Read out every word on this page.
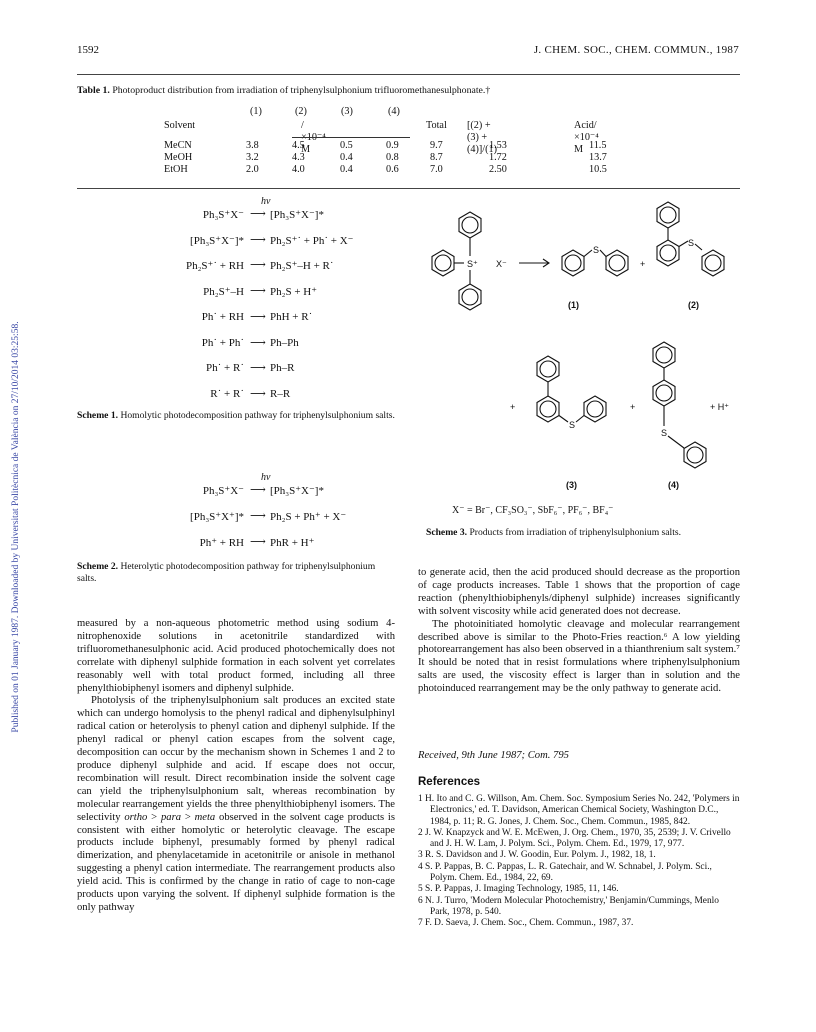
Published on 01 January 1987. Downloaded by Universitat Politècnica de València on 27/10/2014 03:25:58.
1592	J. CHEM. SOC., CHEM. COMMUN., 1987
Table 1. Photoproduct distribution from irradiation of triphenylsulphonium trifluoromethanesulphonate.†
(1)	(2)	(3)	(4)
Solvent	/×10⁻⁴ M
Total [(2) + (3) + (4)]/(1)
Acid/×10⁻⁴ M
MeCN	3.8	4.5	0.5	0.9	9.7	1.53	11.5
MeOH	3.2	4.3	0.4	0.8	8.7	1.72	13.7
EtOH	2.0	4.0	0.4	0.6	7.0	2.50	10.5
Ph₃S⁺X⁻ ⟶
hν
[Ph₃S⁺X⁻]*
[Ph₃S⁺X⁻]* ⟶ Ph₂S⁺˙ + Ph˙ + X⁻
Ph₂S⁺˙ + RH ⟶ Ph₂S⁺–H + R˙
Ph₂S⁺–H ⟶ Ph₂S + H⁺
Ph˙ + RH ⟶ PhH + R˙
Ph˙ + Ph˙ ⟶ Ph–Ph
Ph˙ + R˙ ⟶ Ph–R
R˙ + R˙ ⟶ R–R
Scheme 1. Homolytic photodecomposition pathway for triphenylsulphonium salts.
Ph₃S⁺X⁻ ⟶
hν
[Ph₃S⁺X⁻]*
[Ph₃S⁺X⁺]* ⟶ Ph₂S + Ph⁺ + X⁻
Ph⁺ + RH ⟶ PhR + H⁺
Scheme 2. Heterolytic photodecomposition pathway for triphenylsulphonium salts.
S⁺ X⁻
S
+
S
(1)	(2)
+
S
+
S
+ H⁺
(3)	(4)
X⁻ = Br⁻, CF₃SO₃⁻, SbF₆⁻, PF₆⁻, BF₄⁻
Scheme 3. Products from irradiation of triphenylsulphonium salts.

measured by a non-aqueous photometric method using sodium 4-nitrophenoxide solutions in acetonitrile standardized with trifluoromethanesulphonic acid. Acid produced photochemically does not correlate with diphenyl sulphide formation in each solvent yet correlates reasonably well with total product formed, including all three phenylthiobiphenyl isomers and diphenyl sulphide.

Photolysis of the triphenylsulphonium salt produces an excited state which can undergo homolysis to the phenyl radical and diphenylsulphinyl radical cation or heterolysis to phenyl cation and diphenyl sulphide. If the phenyl radical or phenyl cation escapes from the solvent cage, decomposition can occur by the mechanism shown in Schemes 1 and 2 to produce diphenyl sulphide and acid. If escape does not occur, recombination will result. Direct recombination inside the solvent cage can yield the triphenylsulphonium salt, whereas recombination by molecular rearrangement yields the three phenylthiobiphenyl isomers. The selectivity ortho > para > meta observed in the solvent cage products is consistent with either homolytic or heterolytic cleavage. The escape products include biphenyl, presumably formed by phenyl radical dimerization, and phenylacetamide in acetonitrile or anisole in methanol suggesting a phenyl cation intermediate. The rearrangement products also yield acid. This is confirmed by the change in ratio of cage to non-cage products upon varying the solvent. If diphenyl sulphide formation is the only pathway

to generate acid, then the acid produced should decrease as the proportion of cage products increases. Table 1 shows that the proportion of cage reaction (phenylthiobiphenyls/diphenyl sulphide) increases significantly with solvent viscosity while acid generated does not decrease.

The photoinitiated homolytic cleavage and molecular rearrangement described above is similar to the Photo-Fries reaction.⁶ A low yielding photorearrangement has also been observed in a thianthrenium salt system.⁷ It should be noted that in resist formulations where triphenylsulphonium salts are used, the viscosity effect is larger than in solution and the photoinduced rearrangement may be the only pathway to generate acid.

Received, 9th June 1987; Com. 795
References

1 H. Ito and C. G. Willson, Am. Chem. Soc. Symposium Series No. 242, 'Polymers in Electronics,' ed. T. Davidson, American Chemical Society, Washington D.C., 1984, p. 11; R. G. Jones, J. Chem. Soc., Chem. Commun., 1985, 842.

2 J. W. Knapzyck and W. E. McEwen, J. Org. Chem., 1970, 35, 2539; J. V. Crivello and J. H. W. Lam, J. Polym. Sci., Polym. Chem. Ed., 1979, 17, 977.

3 R. S. Davidson and J. W. Goodin, Eur. Polym. J., 1982, 18, 1.

4 S. P. Pappas, B. C. Pappas, L. R. Gatechair, and W. Schnabel, J. Polym. Sci., Polym. Chem. Ed., 1984, 22, 69.

5 S. P. Pappas, J. Imaging Technology, 1985, 11, 146.

6 N. J. Turro, 'Modern Molecular Photochemistry,' Benjamin/Cummings, Menlo Park, 1978, p. 540.

7 F. D. Saeva, J. Chem. Soc., Chem. Commun., 1987, 37.
